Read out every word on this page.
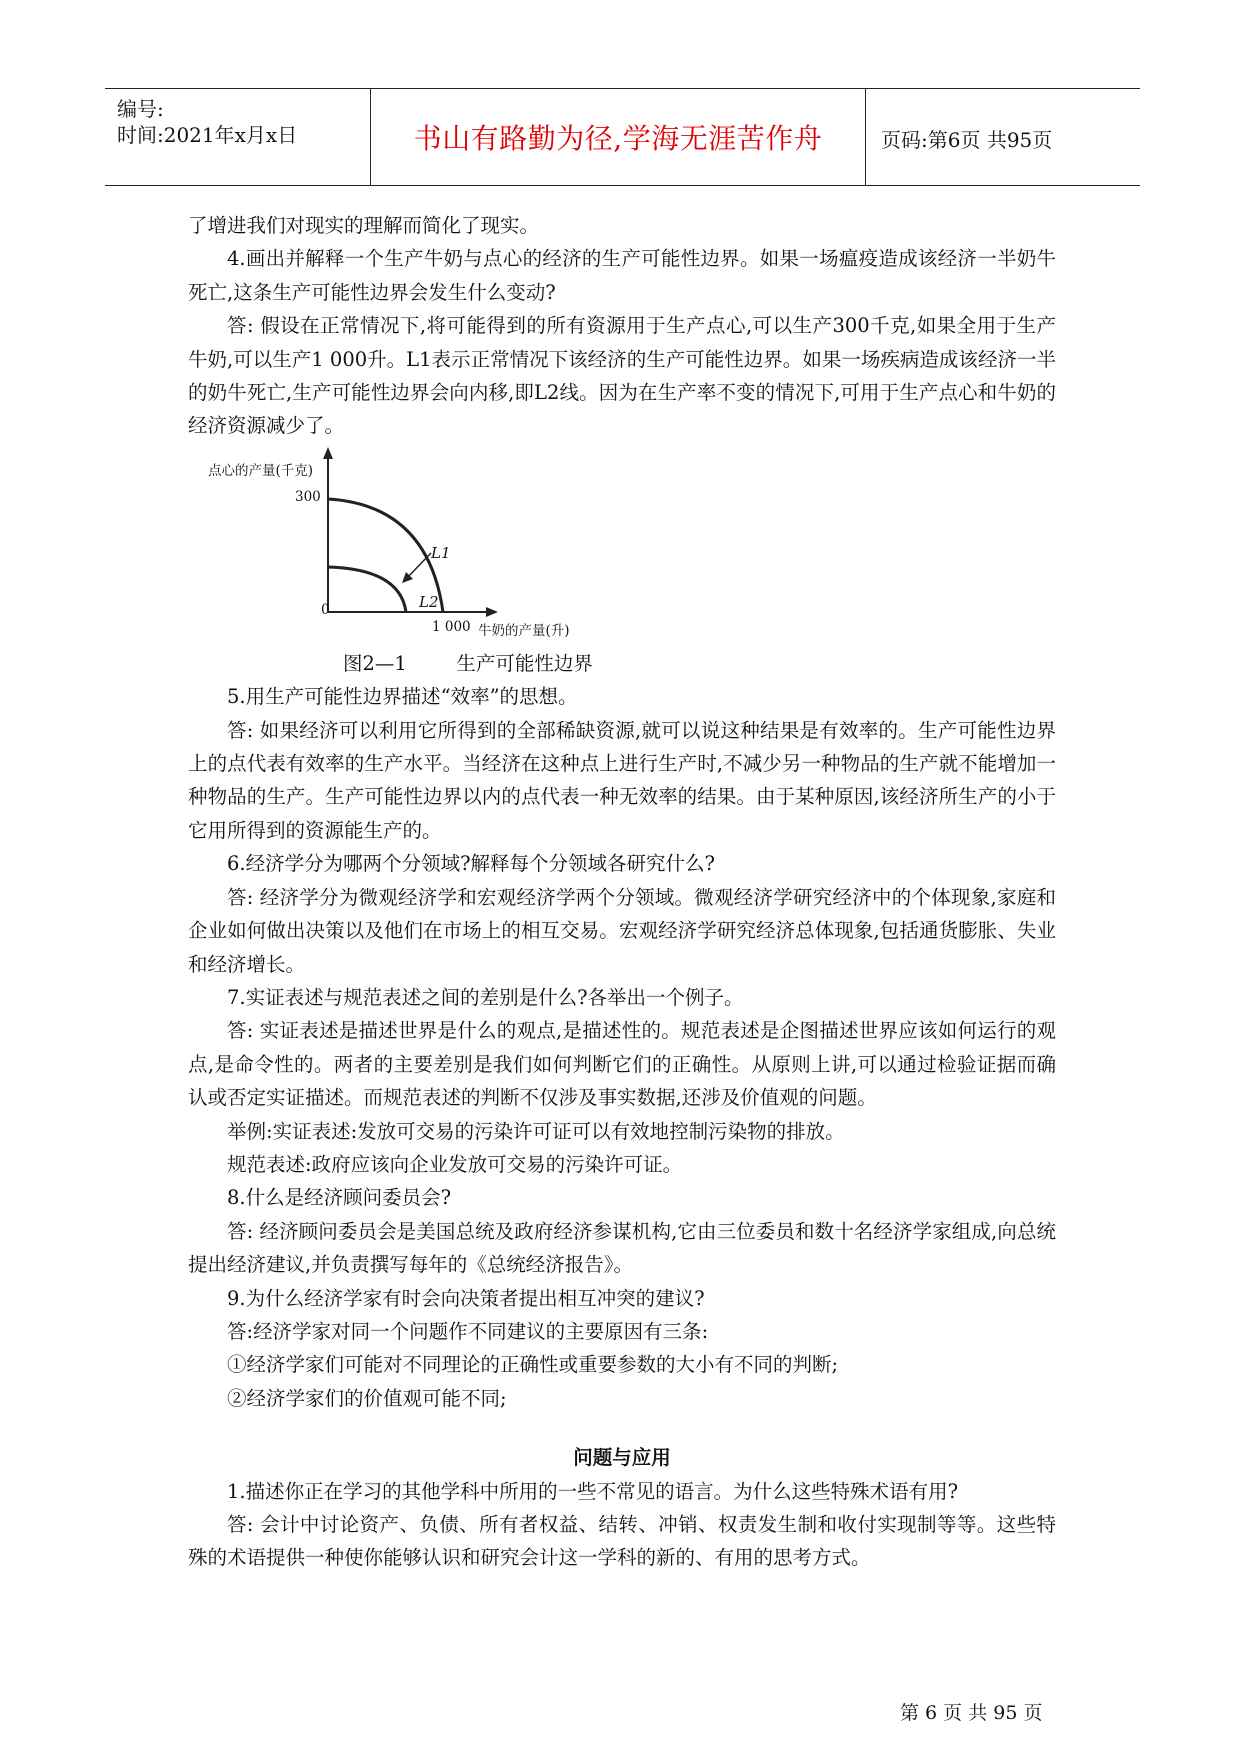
编号:
时间:2021年x月x日	书山有路勤为径,学海无涯苦作舟	页码:第6页 共95页

了增进我们对现实的理解而简化了现实。

4.画出并解释一个生产牛奶与点心的经济的生产可能性边界。如果一场瘟疫造成该经济一半奶牛死亡,这条生产可能性边界会发生什么变动?

答: 假设在正常情况下,将可能得到的所有资源用于生产点心,可以生产300千克,如果全用于生产牛奶,可以生产1 000升。L1表示正常情况下该经济的生产可能性边界。如果一场疾病造成该经济一半的奶牛死亡,生产可能性边界会向内移,即L2线。因为在生产率不变的情况下,可用于生产点心和牛奶的经济资源减少了。

点心的产量(千克)
300
0
1 000 牛奶的产量(升)
L1
L2

图2—1        生产可能性边界

5.用生产可能性边界描述“效率”的思想。

答: 如果经济可以利用它所得到的全部稀缺资源,就可以说这种结果是有效率的。生产可能性边界上的点代表有效率的生产水平。当经济在这种点上进行生产时,不减少另一种物品的生产就不能增加一种物品的生产。生产可能性边界以内的点代表一种无效率的结果。由于某种原因,该经济所生产的小于它用所得到的资源能生产的。

6.经济学分为哪两个分领域?解释每个分领域各研究什么?

答: 经济学分为微观经济学和宏观经济学两个分领域。微观经济学研究经济中的个体现象,家庭和企业如何做出决策以及他们在市场上的相互交易。宏观经济学研究经济总体现象,包括通货膨胀、失业和经济增长。

7.实证表述与规范表述之间的差别是什么?各举出一个例子。

答: 实证表述是描述世界是什么的观点,是描述性的。规范表述是企图描述世界应该如何运行的观点,是命令性的。两者的主要差别是我们如何判断它们的正确性。从原则上讲,可以通过检验证据而确认或否定实证描述。而规范表述的判断不仅涉及事实数据,还涉及价值观的问题。

举例:实证表述:发放可交易的污染许可证可以有效地控制污染物的排放。

规范表述:政府应该向企业发放可交易的污染许可证。

8.什么是经济顾问委员会?

答: 经济顾问委员会是美国总统及政府经济参谋机构,它由三位委员和数十名经济学家组成,向总统提出经济建议,并负责撰写每年的《总统经济报告》。

9.为什么经济学家有时会向决策者提出相互冲突的建议?

答:经济学家对同一个问题作不同建议的主要原因有三条:

①经济学家们可能对不同理论的正确性或重要参数的大小有不同的判断;

②经济学家们的价值观可能不同;

问题与应用

1.描述你正在学习的其他学科中所用的一些不常见的语言。为什么这些特殊术语有用?

答: 会计中讨论资产、负债、所有者权益、结转、冲销、权责发生制和收付实现制等等。这些特殊的术语提供一种使你能够认识和研究会计这一学科的新的、有用的思考方式。

第 6 页 共 95 页
